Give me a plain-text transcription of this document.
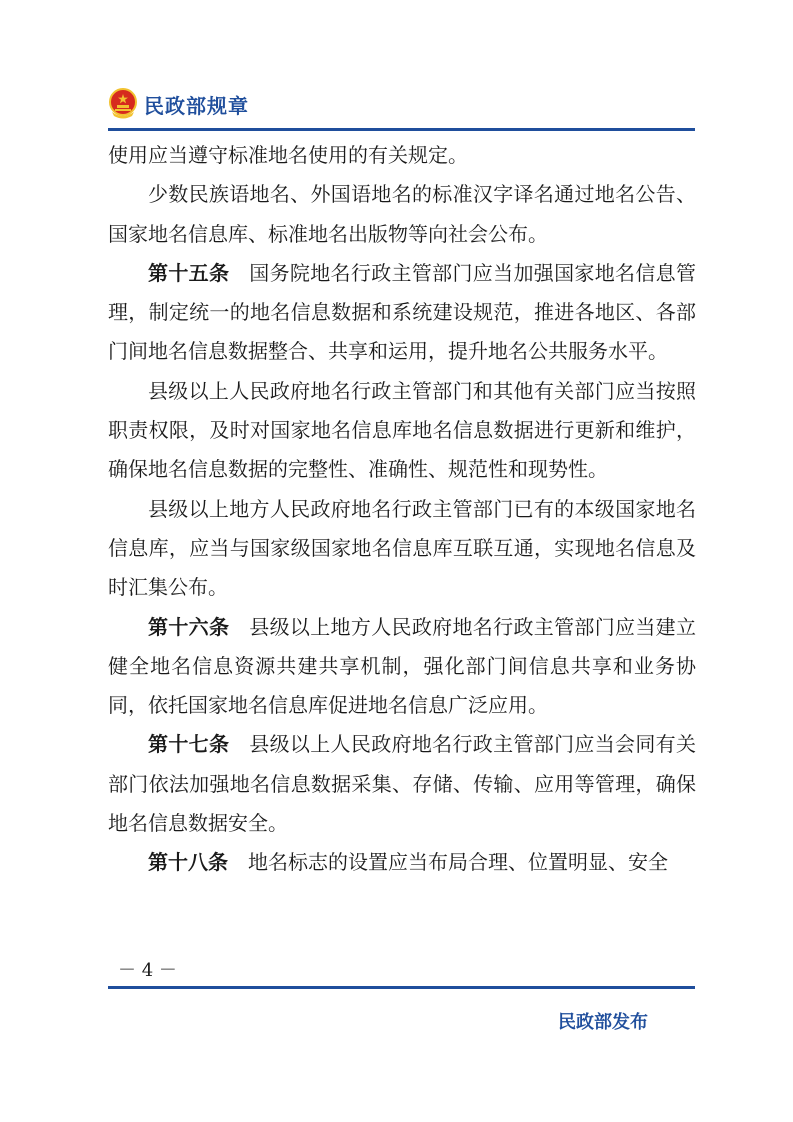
民政部规章

使用应当遵守标准地名使用的有关规定。

少数民族语地名、外国语地名的标准汉字译名通过地名公告、国家地名信息库、标准地名出版物等向社会公布。

第十五条 国务院地名行政主管部门应当加强国家地名信息管理，制定统一的地名信息数据和系统建设规范，推进各地区、各部门间地名信息数据整合、共享和运用，提升地名公共服务水平。

县级以上人民政府地名行政主管部门和其他有关部门应当按照职责权限，及时对国家地名信息库地名信息数据进行更新和维护，确保地名信息数据的完整性、准确性、规范性和现势性。

县级以上地方人民政府地名行政主管部门已有的本级国家地名信息库，应当与国家级国家地名信息库互联互通，实现地名信息及时汇集公布。

第十六条 县级以上地方人民政府地名行政主管部门应当建立健全地名信息资源共建共享机制，强化部门间信息共享和业务协同，依托国家地名信息库促进地名信息广泛应用。

第十七条 县级以上人民政府地名行政主管部门应当会同有关部门依法加强地名信息数据采集、存储、传输、应用等管理，确保地名信息数据安全。

第十八条 地名标志的设置应当布局合理、位置明显、安全

－ 4 －
民政部发布
